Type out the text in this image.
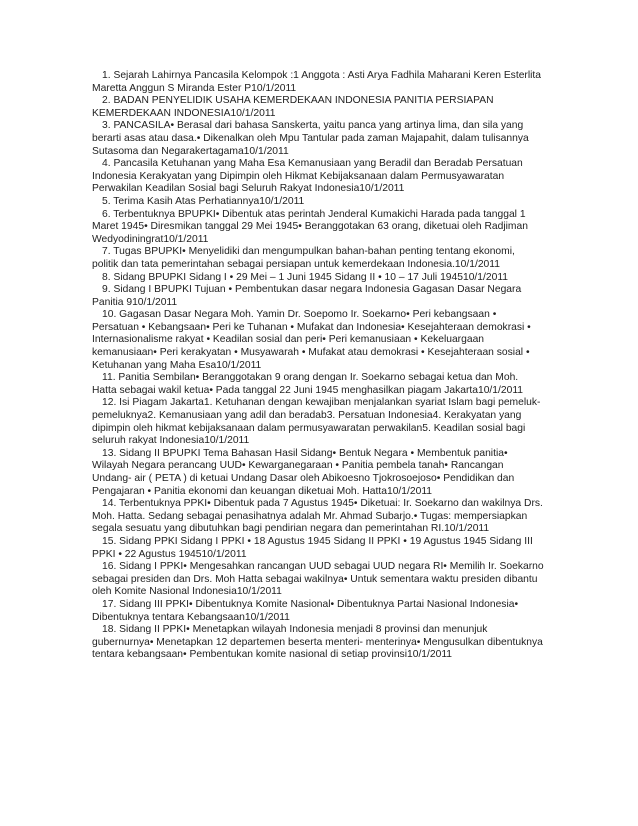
1. Sejarah Lahirnya Pancasila Kelompok :1 Anggota : Asti Arya Fadhila Maharani Keren Esterlita Maretta Anggun S Miranda Ester P10/1/2011

2. BADAN PENYELIDIK USAHA KEMERDEKAAN INDONESIA PANITIA PERSIAPAN KEMERDEKAAN INDONESIA10/1/2011

3. PANCASILA• Berasal dari bahasa Sanskerta, yaitu panca yang artinya lima, dan sila yang berarti asas atau dasa.• Dikenalkan oleh Mpu Tantular pada zaman Majapahit, dalam tulisannya Sutasoma dan Negarakertagama10/1/2011

4. Pancasila Ketuhanan yang Maha Esa Kemanusiaan yang Beradil dan Beradab Persatuan Indonesia Kerakyatan yang Dipimpin oleh Hikmat Kebijaksanaan dalam Permusyawaratan Perwakilan Keadilan Sosial bagi Seluruh Rakyat Indonesia10/1/2011

5. Terima Kasih Atas Perhatiannya10/1/2011

6. Terbentuknya BPUPKI• Dibentuk atas perintah Jenderal Kumakichi Harada pada tanggal 1 Maret 1945• Diresmikan tanggal 29 Mei 1945• Beranggotakan 63 orang, diketuai oleh Radjiman Wedyodiningrat10/1/2011

7. Tugas BPUPKI• Menyelidiki dan mengumpulkan bahan-bahan penting tentang ekonomi, politik dan tata pemerintahan sebagai persiapan untuk kemerdekaan Indonesia.10/1/2011

8. Sidang BPUPKI Sidang I • 29 Mei – 1 Juni 1945 Sidang II • 10 – 17 Juli 194510/1/2011

9. Sidang I BPUPKI Tujuan • Pembentukan dasar negara Indonesia Gagasan Dasar Negara Panitia 910/1/2011

10. Gagasan Dasar Negara Moh. Yamin Dr. Soepomo Ir. Soekarno• Peri kebangsaan • Persatuan • Kebangsaan• Peri ke Tuhanan • Mufakat dan Indonesia• Kesejahteraan demokrasi • Internasionalisme rakyat • Keadilan sosial dan peri• Peri kemanusiaan • Kekeluargaan kemanusiaan• Peri kerakyatan • Musyawarah • Mufakat atau demokrasi • Kesejahteraan sosial • Ketuhanan yang Maha Esa10/1/2011

11. Panitia Sembilan• Beranggotakan 9 orang dengan Ir. Soekarno sebagai ketua dan Moh. Hatta sebagai wakil ketua• Pada tanggal 22 Juni 1945 menghasilkan piagam Jakarta10/1/2011

12. Isi Piagam Jakarta1. Ketuhanan dengan kewajiban menjalankan syariat Islam bagi pemeluk- pemeluknya2. Kemanusiaan yang adil dan beradab3. Persatuan Indonesia4. Kerakyatan yang dipimpin oleh hikmat kebijaksanaan dalam permusyawaratan perwakilan5. Keadilan sosial bagi seluruh rakyat Indonesia10/1/2011

13. Sidang II BPUPKI Tema Bahasan Hasil Sidang• Bentuk Negara • Membentuk panitia• Wilayah Negara perancang UUD• Kewarganegaraan • Panitia pembela tanah• Rancangan Undang- air ( PETA ) di ketuai Undang Dasar oleh Abikoesno Tjokrosoejoso• Pendidikan dan Pengajaran • Panitia ekonomi dan keuangan diketuai Moh. Hatta10/1/2011

14. Terbentuknya PPKI• Dibentuk pada 7 Agustus 1945• Diketuai: Ir. Soekarno dan wakilnya Drs. Moh. Hatta. Sedang sebagai penasihatnya adalah Mr. Ahmad Subarjo.• Tugas: mempersiapkan segala sesuatu yang dibutuhkan bagi pendirian negara dan pemerintahan RI.10/1/2011

15. Sidang PPKI Sidang I PPKI • 18 Agustus 1945 Sidang II PPKI • 19 Agustus 1945 Sidang III PPKI • 22 Agustus 194510/1/2011

16. Sidang I PPKI• Mengesahkan rancangan UUD sebagai UUD negara RI• Memilih Ir. Soekarno sebagai presiden dan Drs. Moh Hatta sebagai wakilnya• Untuk sementara waktu presiden dibantu oleh Komite Nasional Indonesia10/1/2011

17. Sidang III PPKI• Dibentuknya Komite Nasional• Dibentuknya Partai Nasional Indonesia• Dibentuknya tentara Kebangsaan10/1/2011

18. Sidang II PPKI• Menetapkan wilayah Indonesia menjadi 8 provinsi dan menunjuk gubernurnya• Menetapkan 12 departemen beserta menteri- menterinya• Mengusulkan dibentuknya tentara kebangsaan• Pembentukan komite nasional di setiap provinsi10/1/2011
